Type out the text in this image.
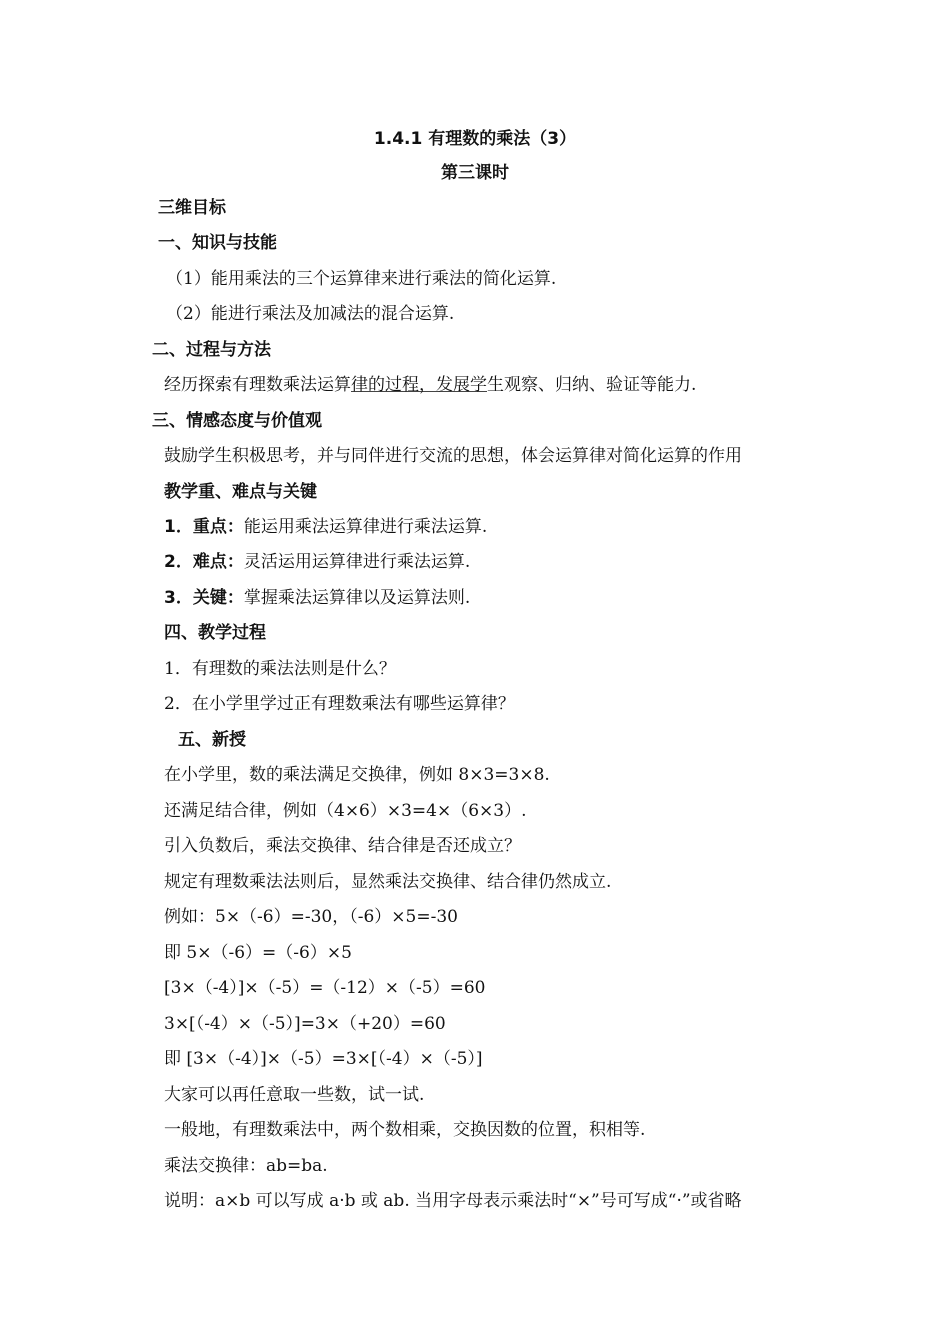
1.4.1 有理数的乘法（3）
第三课时
三维目标
一、知识与技能
（1）能用乘法的三个运算律来进行乘法的简化运算.
（2）能进行乘法及加减法的混合运算.
二、过程与方法
经历探索有理数乘法运算律的过程，发展学生观察、归纳、验证等能力.
三、情感态度与价值观
鼓励学生积极思考，并与同伴进行交流的思想，体会运算律对简化运算的作用
教学重、难点与关键
1．重点：能运用乘法运算律进行乘法运算.
2．难点：灵活运用运算律进行乘法运算.
3．关键：掌握乘法运算律以及运算法则.
四、教学过程
1．有理数的乘法法则是什么？
2．在小学里学过正有理数乘法有哪些运算律？
五、新授
在小学里，数的乘法满足交换律，例如 8×3=3×8.
还满足结合律，例如（4×6）×3=4×（6×3）.
引入负数后，乘法交换律、结合律是否还成立？
规定有理数乘法法则后，显然乘法交换律、结合律仍然成立.
例如：5×（-6）=-30，（-6）×5=-30
即 5×（-6）=（-6）×5
[3×（-4）]×（-5）=（-12）×（-5）=60
3×[（-4）×（-5）]=3×（+20）=60
即 [3×（-4）]×（-5）=3×[（-4）×（-5）]
大家可以再任意取一些数，试一试.
一般地，有理数乘法中，两个数相乘，交换因数的位置，积相等.
乘法交换律：ab=ba.
说明：a×b 可以写成 a·b 或 ab. 当用字母表示乘法时“×”号可写成“·”或省略
